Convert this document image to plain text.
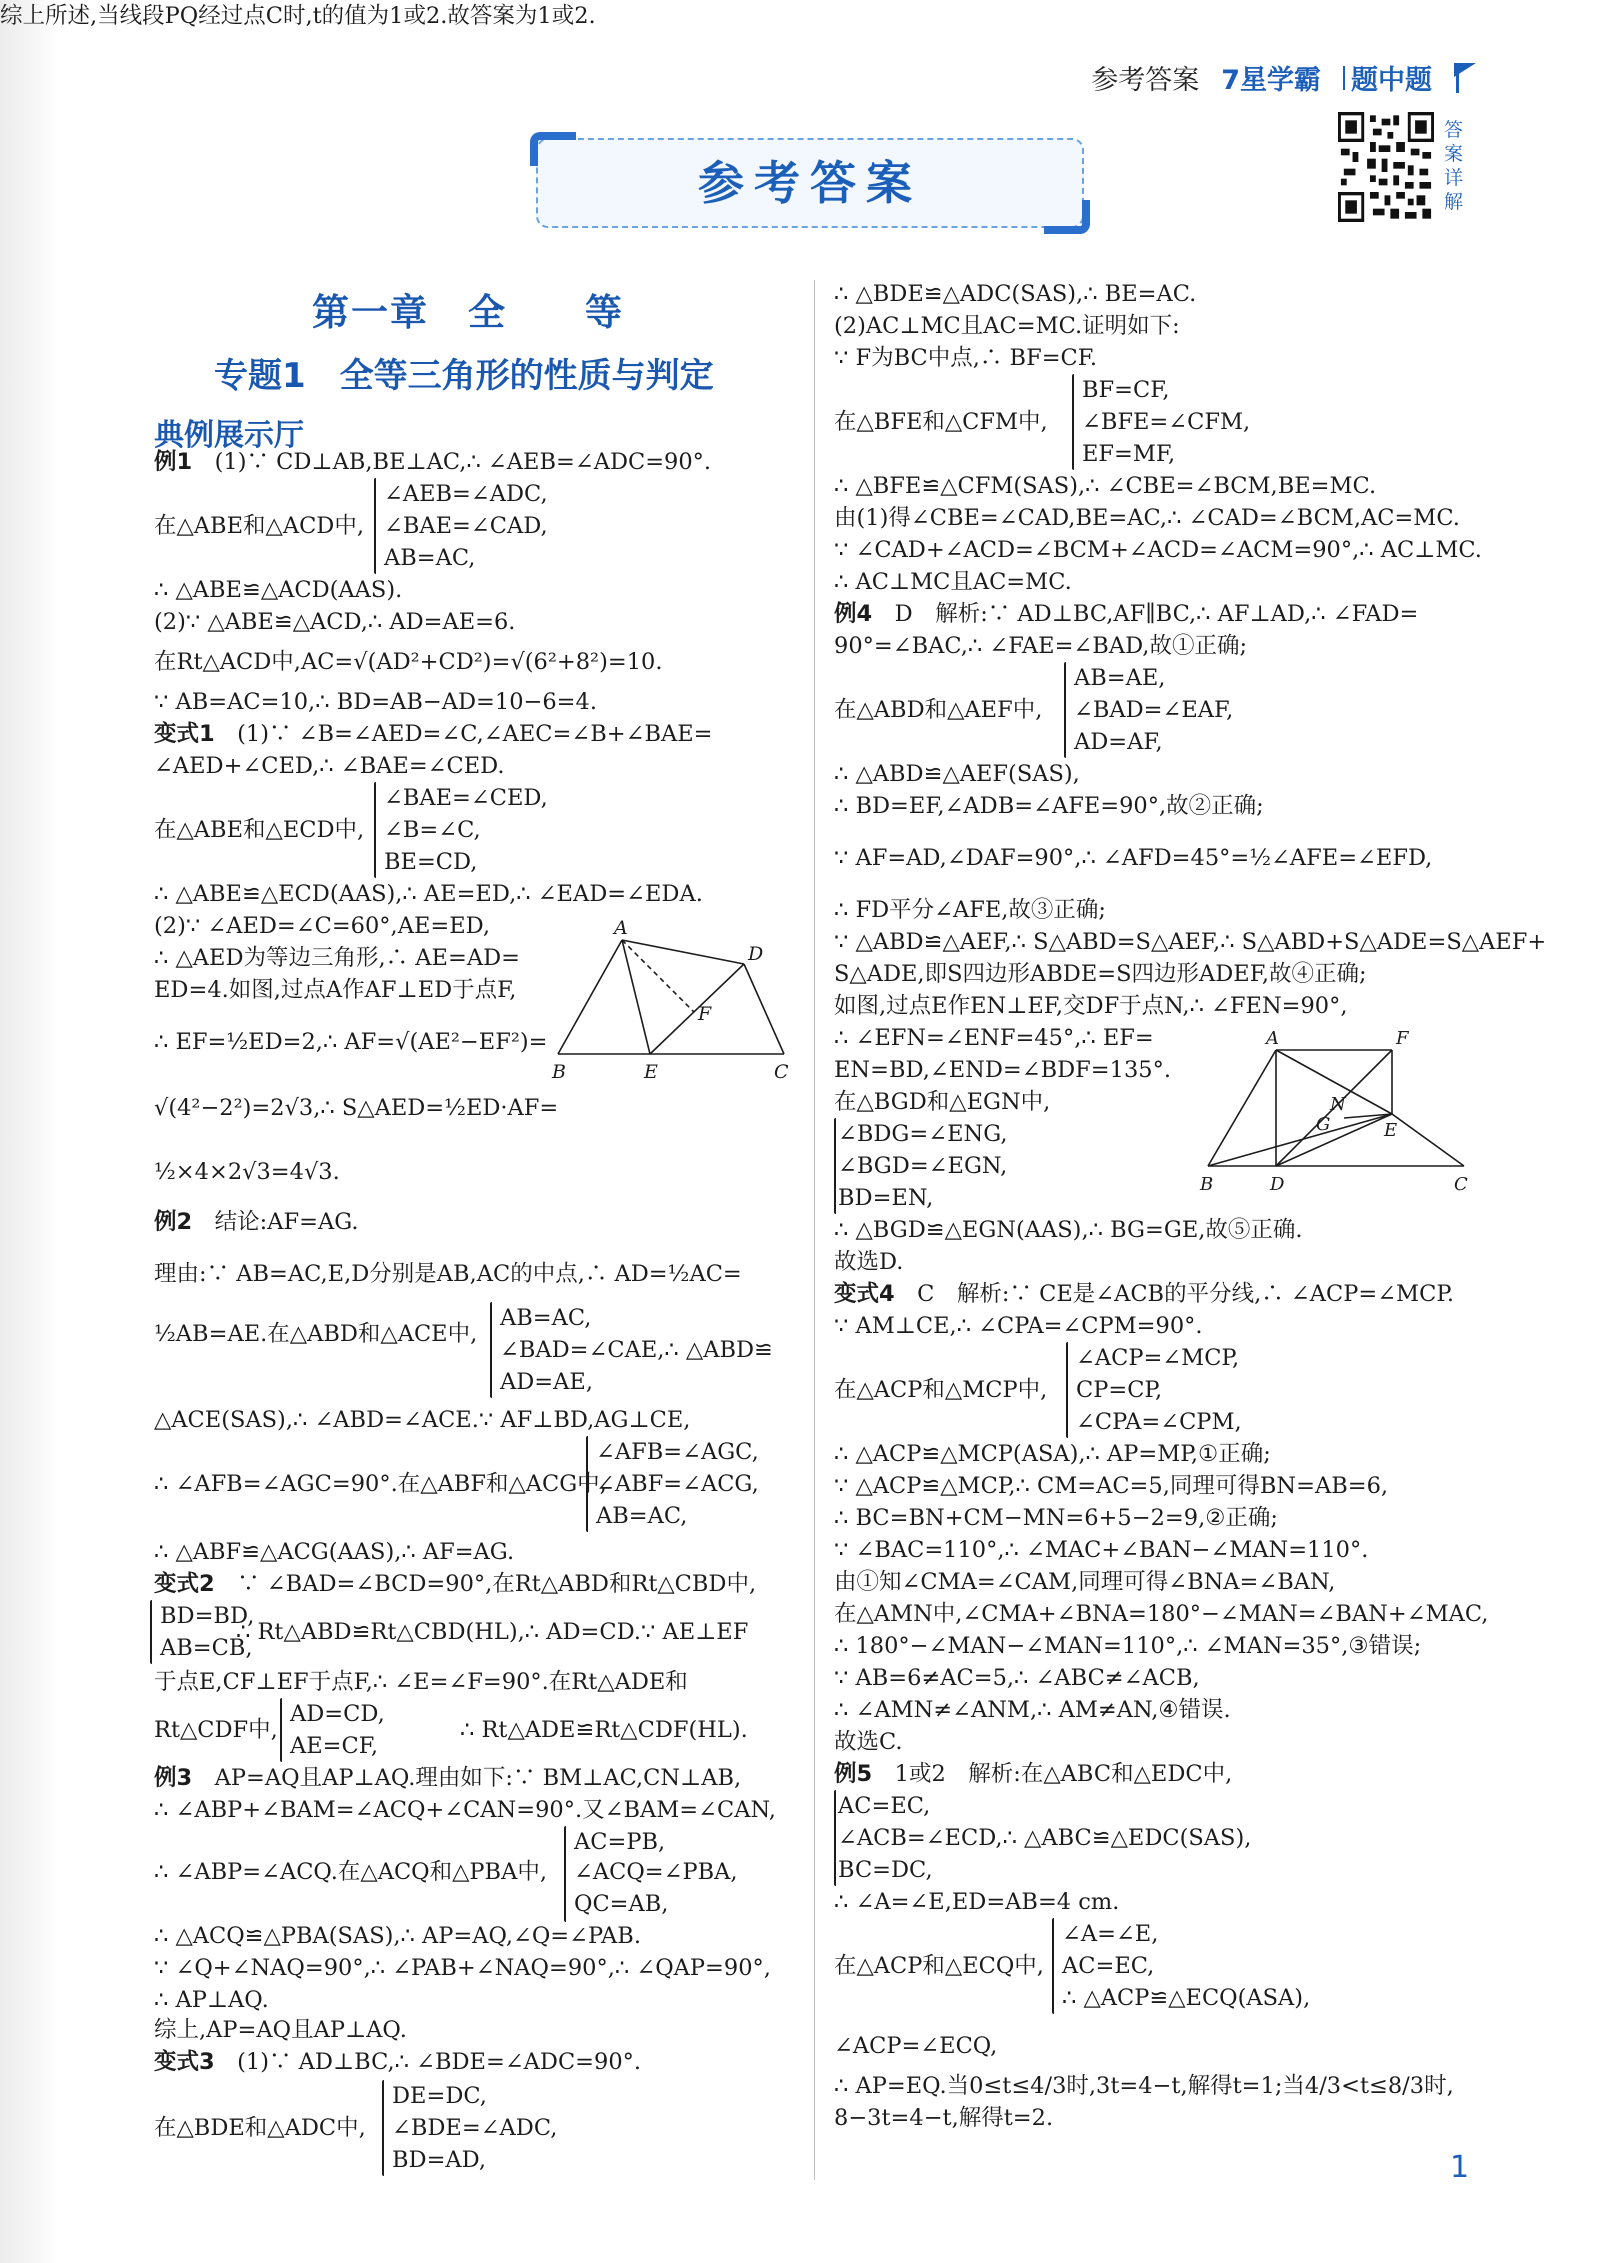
参考答案 7星学霸 题中题
参考答案
答案详解
第一章　全　　等
专题1　全等三角形的性质与判定
典例展示厅
例1　(1)∵ CD⊥AB,BE⊥AC,∴ ∠AEB=∠ADC=90°.
∠AEB=∠ADC,
在△ABE和△ACD中, ∠BAE=∠CAD,
AB=AC,
∴ △ABE≌△ACD(AAS).
(2)∵ △ABE≌△ACD,∴ AD=AE=6.
在Rt△ACD中,AC=√(AD²+CD²)=√(6²+8²)=10.
∵ AB=AC=10,∴ BD=AB−AD=10−6=4.
变式1　(1)∵ ∠B=∠AED=∠C,∠AEC=∠B+∠BAE=
∠AED+∠CED,∴ ∠BAE=∠CED.
∠BAE=∠CED,
在△ABE和△ECD中, ∠B=∠C,
BE=CD,
∴ △ABE≌△ECD(AAS),∴ AE=ED,∴ ∠EAD=∠EDA.
(2)∵ ∠AED=∠C=60°,AE=ED,
∴ △AED为等边三角形,∴ AE=AD=
ED=4.如图,过点A作AF⊥ED于点F,
∴ EF=½ED=2,∴ AF=√(AE²−EF²)=
√(4²−2²)=2√3,∴ S△AED=½ED·AF=
½×4×2√3=4√3.
例2　结论:AF=AG.
理由:∵ AB=AC,E,D分别是AB,AC的中点,∴ AD=½AC=
½AB=AE.在△ABD和△ACE中,
AB=AC,
∠BAD=∠CAE,∴ △ABD≌
AD=AE,
△ACE(SAS),∴ ∠ABD=∠ACE.∵ AF⊥BD,AG⊥CE,
∠AFB=∠AGC,
∴ ∠AFB=∠AGC=90°.在△ABF和△ACG中,
∠ABF=∠ACG,
AB=AC,
∴ △ABF≌△ACG(AAS),∴ AF=AG.
变式2　∵ ∠BAD=∠BCD=90°,在Rt△ABD和Rt△CBD中,
BD=BD,
∴ Rt△ABD≌Rt△CBD(HL),∴ AD=CD.∵ AE⊥EF
AB=CB,
于点E,CF⊥EF于点F,∴ ∠E=∠F=90°.在Rt△ADE和
AD=CD,
Rt△CDF中,	∴ Rt△ADE≌Rt△CDF(HL).
AE=CF,
例3　AP=AQ且AP⊥AQ.理由如下:∵ BM⊥AC,CN⊥AB,
∴ ∠ABP+∠BAM=∠ACQ+∠CAN=90°.又∠BAM=∠CAN,
AC=PB,
∴ ∠ABP=∠ACQ.在△ACQ和△PBA中, ∠ACQ=∠PBA,
QC=AB,
∴ △ACQ≌△PBA(SAS),∴ AP=AQ,∠Q=∠PAB.
∵ ∠Q+∠NAQ=90°,∴ ∠PAB+∠NAQ=90°,∴ ∠QAP=90°,
∴ AP⊥AQ.
综上,AP=AQ且AP⊥AQ.
变式3　(1)∵ AD⊥BC,∴ ∠BDE=∠ADC=90°.
DE=DC,
在△BDE和△ADC中, ∠BDE=∠ADC,
BD=AD,
∴ △BDE≌△ADC(SAS),∴ BE=AC.
(2)AC⊥MC且AC=MC.证明如下:
∵ F为BC中点,∴ BF=CF.
BF=CF,
在△BFE和△CFM中, ∠BFE=∠CFM,
EF=MF,
∴ △BFE≌△CFM(SAS),∴ ∠CBE=∠BCM,BE=MC.
由(1)得∠CBE=∠CAD,BE=AC,∴ ∠CAD=∠BCM,AC=MC.
∵ ∠CAD+∠ACD=∠BCM+∠ACD=∠ACM=90°,∴ AC⊥MC.
∴ AC⊥MC且AC=MC.
例4　D　解析:∵ AD⊥BC,AF∥BC,∴ AF⊥AD,∴ ∠FAD=
90°=∠BAC,∴ ∠FAE=∠BAD,故①正确;
AB=AE,
在△ABD和△AEF中, ∠BAD=∠EAF,
AD=AF,
∴ △ABD≌△AEF(SAS),
∴ BD=EF,∠ADB=∠AFE=90°,故②正确;
∵ AF=AD,∠DAF=90°,∴ ∠AFD=45°=½∠AFE=∠EFD,
∴ FD平分∠AFE,故③正确;
∵ △ABD≌△AEF,∴ S△ABD=S△AEF,∴ S△ABD+S△ADE=S△AEF+
S△ADE,即S四边形ABDE=S四边形ADEF,故④正确;
如图,过点E作EN⊥EF,交DF于点N,∴ ∠FEN=90°,
∴ ∠EFN=∠ENF=45°,∴ EF=
EN=BD,∠END=∠BDF=135°.
在△BGD和△EGN中,
∠BDG=∠ENG,
∠BGD=∠EGN,
BD=EN,
∴ △BGD≌△EGN(AAS),∴ BG=GE,故⑤正确.
故选D.
变式4　C　解析:∵ CE是∠ACB的平分线,∴ ∠ACP=∠MCP.
∵ AM⊥CE,∴ ∠CPA=∠CPM=90°.
∠ACP=∠MCP,
在△ACP和△MCP中, CP=CP,
∠CPA=∠CPM,
∴ △ACP≌△MCP(ASA),∴ AP=MP,①正确;
∵ △ACP≌△MCP,∴ CM=AC=5,同理可得BN=AB=6,
∴ BC=BN+CM−MN=6+5−2=9,②正确;
∵ ∠BAC=110°,∴ ∠MAC+∠BAN−∠MAN=110°.
由①知∠CMA=∠CAM,同理可得∠BNA=∠BAN,
在△AMN中,∠CMA+∠BNA=180°−∠MAN=∠BAN+∠MAC,
∴ 180°−∠MAN−∠MAN=110°,∴ ∠MAN=35°,③错误;
∵ AB=6≠AC=5,∴ ∠ABC≠∠ACB,
∴ ∠AMN≠∠ANM,∴ AM≠AN,④错误.
故选C.
例5　1或2　解析:在△ABC和△EDC中,
AC=EC,
∠ACB=∠ECD,∴ △ABC≌△EDC(SAS),
BC=DC,
∴ ∠A=∠E,ED=AB=4 cm.
∠A=∠E,
在△ACP和△ECQ中, AC=EC,
∴ △ACP≌△ECQ(ASA),
∠ACP=∠ECQ,
∴ AP=EQ.当0≤t≤4/3时,3t=4−t,解得t=1;当4/3<t≤8/3时,
8−3t=4−t,解得t=2.
综上所述,当线段PQ经过点C时,t的值为1或2.故答案为1或2.
A
D
F
B	E	C
A	F
N
G	E
B	D	C
1
